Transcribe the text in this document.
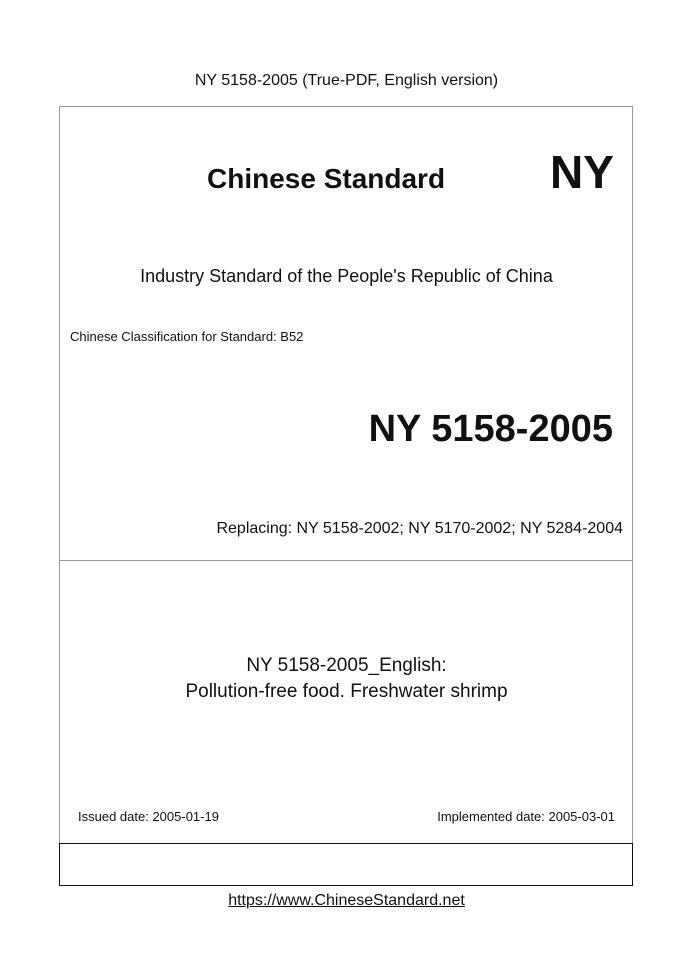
NY 5158-2005 (True-PDF, English version)
Chinese Standard NY
Industry Standard of the People's Republic of China
Chinese Classification for Standard: B52
NY 5158-2005
Replacing: NY 5158-2002; NY 5170-2002; NY 5284-2004
NY 5158-2005_English:
Pollution-free food. Freshwater shrimp
Issued date: 2005-01-19	Implemented date: 2005-03-01
https://www.ChineseStandard.net
